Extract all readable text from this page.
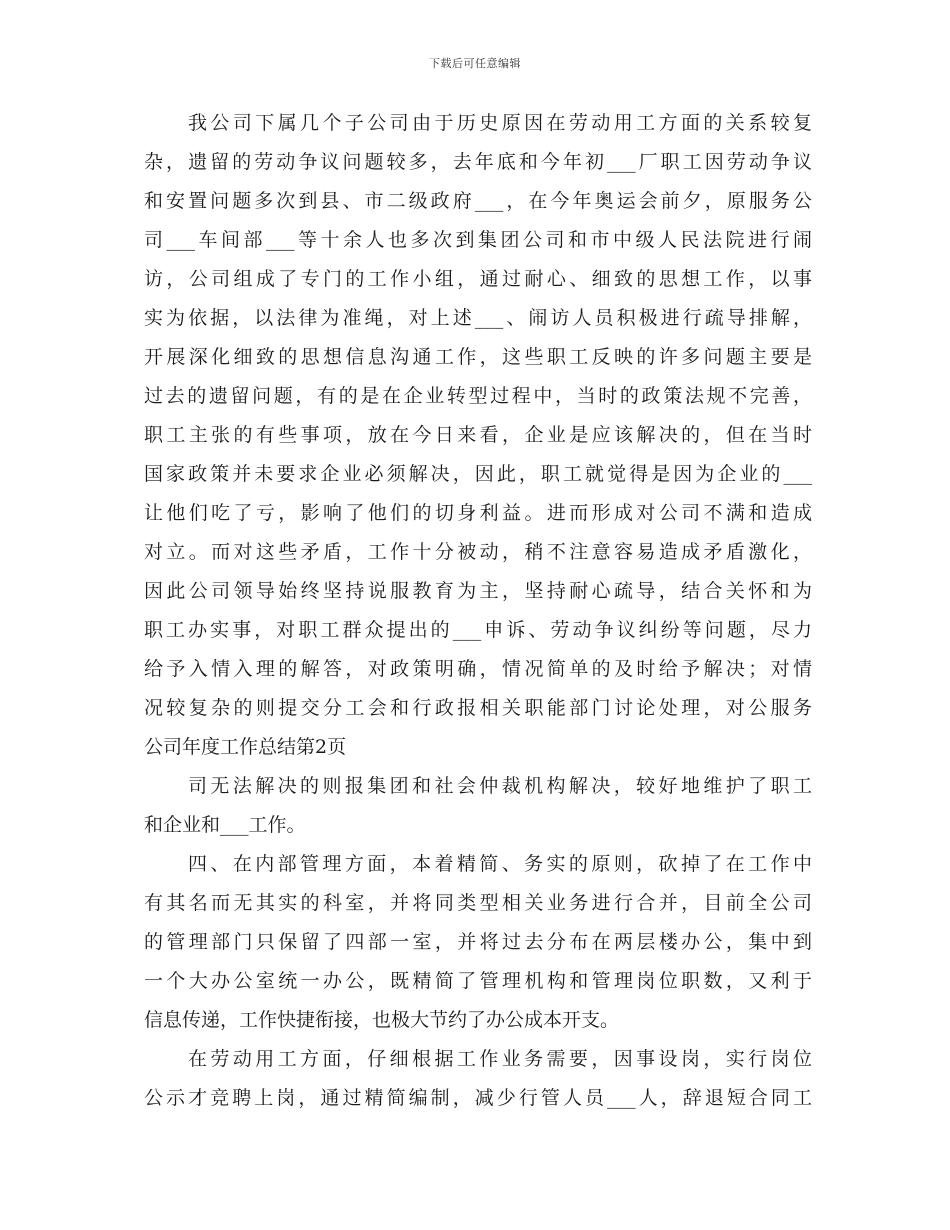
下载后可任意编辑
我公司下属几个子公司由于历史原因在劳动用工方面的关系较复
杂，遗留的劳动争议问题较多，去年底和今年初___厂职工因劳动争议
和安置问题多次到县、市二级政府___，在今年奥运会前夕，原服务公
司___车间部___等十余人也多次到集团公司和市中级人民法院进行闹
访，公司组成了专门的工作小组，通过耐心、细致的思想工作，以事
实为依据，以法律为准绳，对上述___、闹访人员积极进行疏导排解，
开展深化细致的思想信息沟通工作，这些职工反映的许多问题主要是
过去的遗留问题，有的是在企业转型过程中，当时的政策法规不完善，
职工主张的有些事项，放在今日来看，企业是应该解决的，但在当时
国家政策并未要求企业必须解决，因此，职工就觉得是因为企业的___
让他们吃了亏，影响了他们的切身利益。进而形成对公司不满和造成
对立。而对这些矛盾，工作十分被动，稍不注意容易造成矛盾激化，
因此公司领导始终坚持说服教育为主，坚持耐心疏导，结合关怀和为
职工办实事，对职工群众提出的___申诉、劳动争议纠纷等问题，尽力
给予入情入理的解答，对政策明确，情况简单的及时给予解决；对情
况较复杂的则提交分工会和行政报相关职能部门讨论处理，对公服务
公司年度工作总结第2页
司无法解决的则报集团和社会仲裁机构解决，较好地维护了职工
和企业和___工作。
四、在内部管理方面，本着精简、务实的原则，砍掉了在工作中
有其名而无其实的科室，并将同类型相关业务进行合并，目前全公司
的管理部门只保留了四部一室，并将过去分布在两层楼办公，集中到
一个大办公室统一办公，既精简了管理机构和管理岗位职数，又利于
信息传递，工作快捷衔接，也极大节约了办公成本开支。
在劳动用工方面，仔细根据工作业务需要，因事设岗，实行岗位
公示才竞聘上岗，通过精简编制，减少行管人员___人，辞退短合同工
